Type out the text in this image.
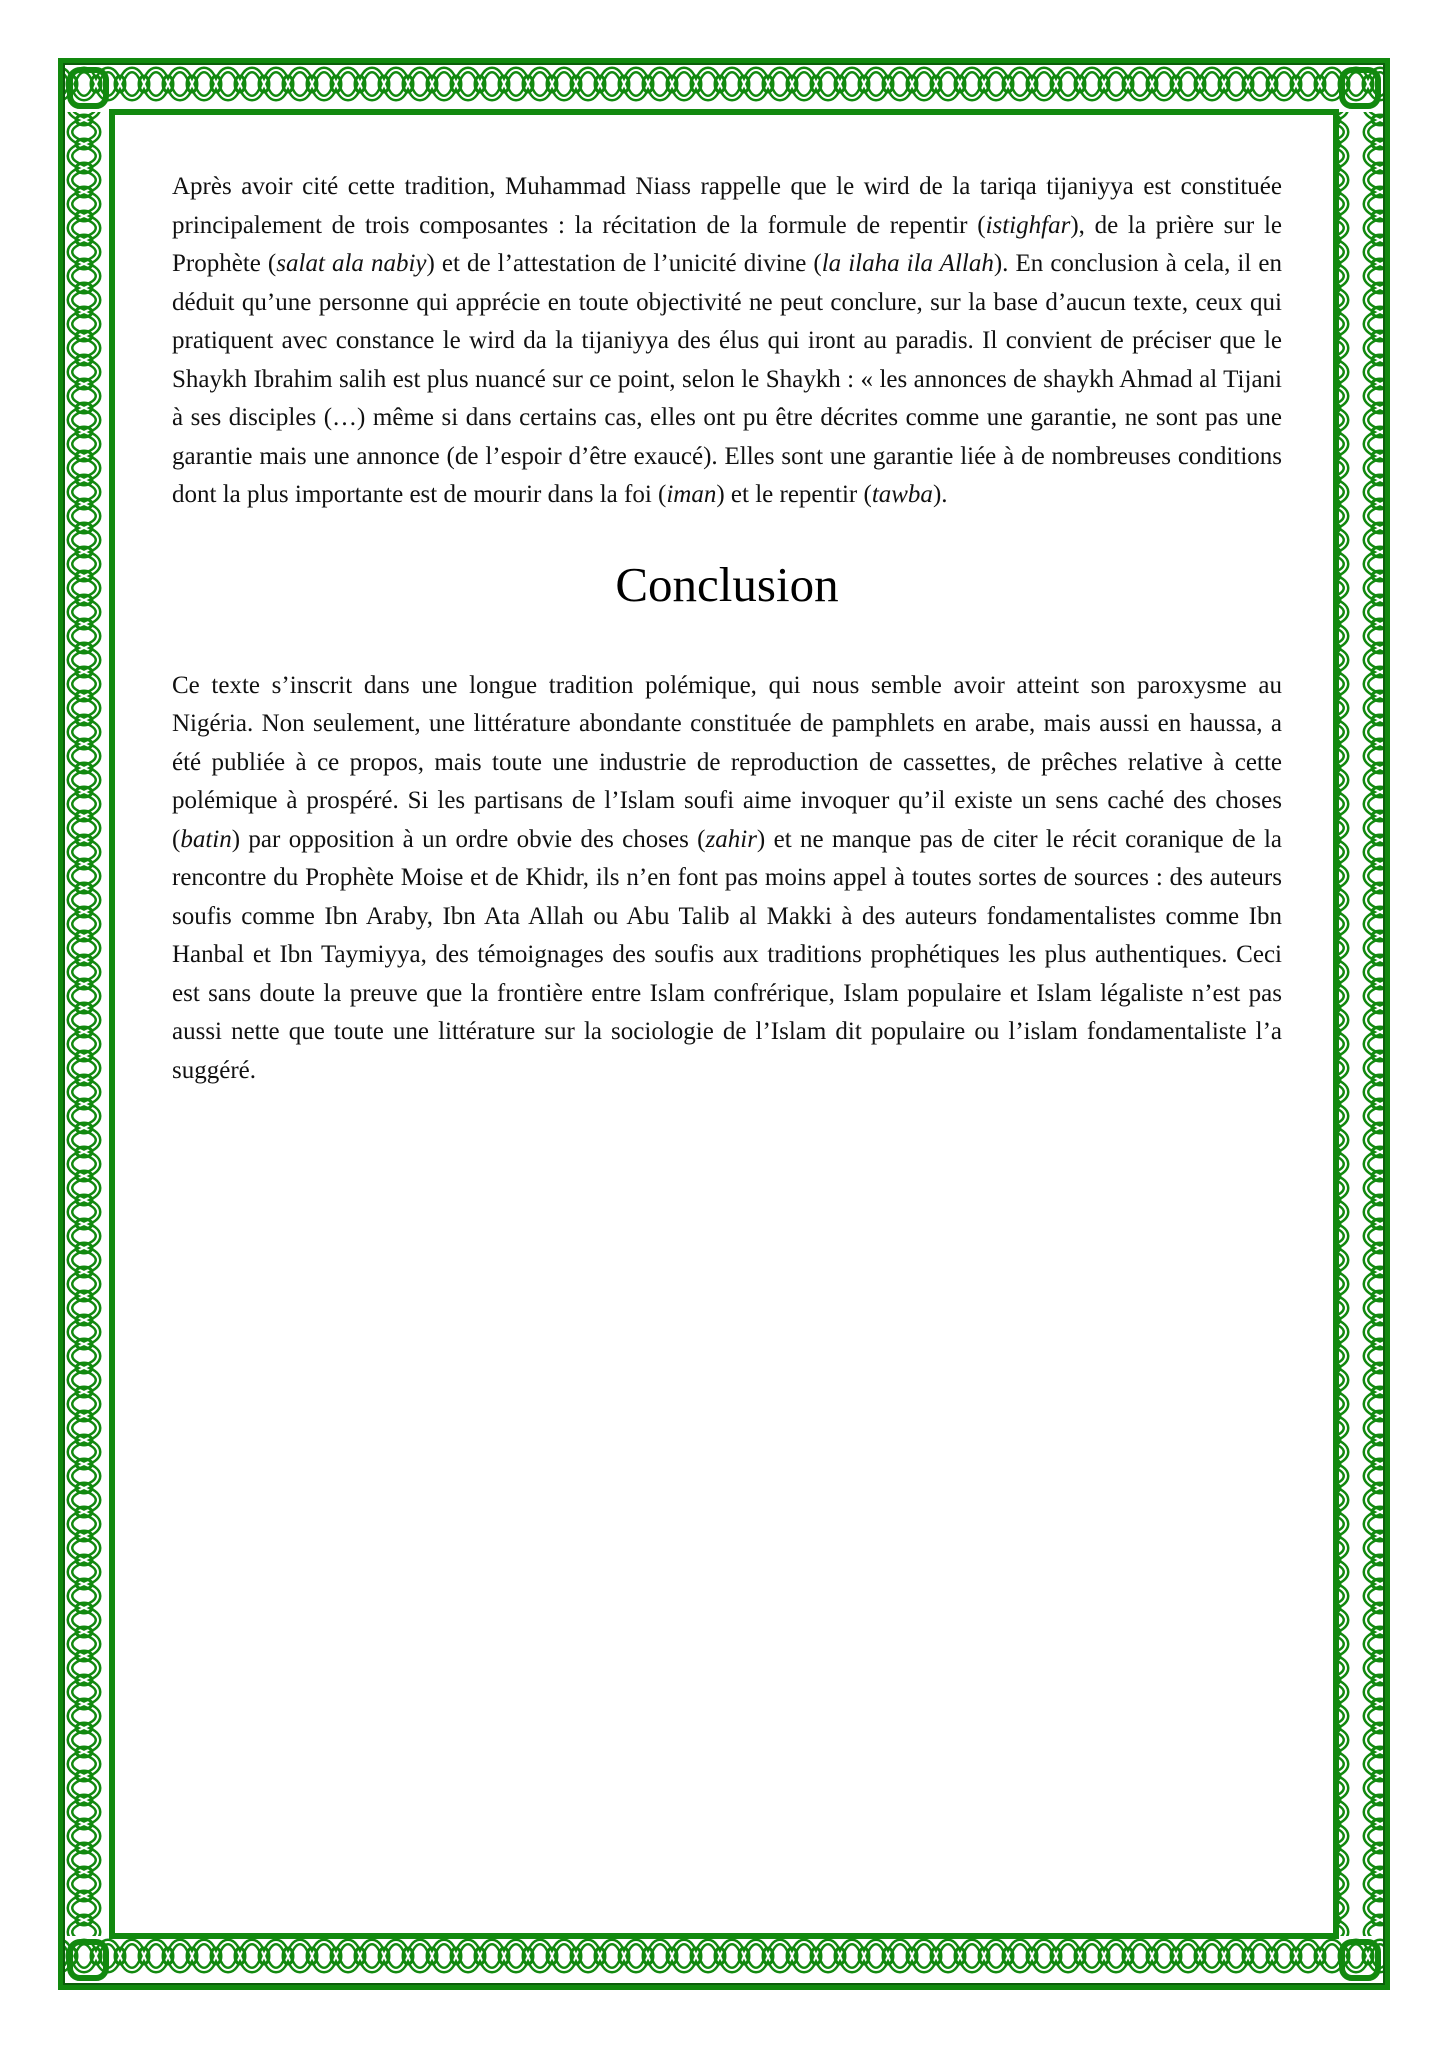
Après avoir cité cette tradition, Muhammad Niass rappelle que le wird de la tariqa tijaniyya est constituée principalement de trois composantes : la récitation de la formule de repentir (istighfar), de la prière sur le Prophète (salat ala nabiy) et de l’attestation de l’unicité divine (la ilaha ila Allah). En conclusion à cela, il en déduit qu’une personne qui apprécie en toute objectivité ne peut conclure, sur la base d’aucun texte, ceux qui pratiquent avec constance le wird da la tijaniyya des élus qui iront au paradis. Il convient de préciser que le Shaykh Ibrahim salih est plus nuancé sur ce point, selon le Shaykh : « les annonces de shaykh Ahmad al Tijani à ses disciples (…) même si dans certains cas, elles ont pu être décrites comme une garantie, ne sont pas une garantie mais une annonce (de l’espoir d’être exaucé). Elles sont une garantie liée à de nombreuses conditions dont la plus importante est de mourir dans la foi (iman) et le repentir (tawba).

Conclusion

Ce texte s’inscrit dans une longue tradition polémique, qui nous semble avoir atteint son paroxysme au Nigéria. Non seulement, une littérature abondante constituée de pamphlets en arabe, mais aussi en haussa, a été publiée à ce propos, mais toute une industrie de reproduction de cassettes, de prêches relative à cette polémique à prospéré. Si les partisans de l’Islam soufi aime invoquer qu’il existe un sens caché des choses (batin) par opposition à un ordre obvie des choses (zahir) et ne manque pas de citer le récit coranique de la rencontre du Prophète Moise et de Khidr, ils n’en font pas moins appel à toutes sortes de sources : des auteurs soufis comme Ibn Araby, Ibn Ata Allah ou Abu Talib al Makki à des auteurs fondamentalistes comme Ibn Hanbal et Ibn Taymiyya, des témoignages des soufis aux traditions prophétiques les plus authentiques. Ceci est sans doute la preuve que la frontière entre Islam confrérique, Islam populaire et Islam légaliste n’est pas aussi nette que toute une littérature sur la sociologie de l’Islam dit populaire ou l’islam fondamentaliste l’a suggéré.
